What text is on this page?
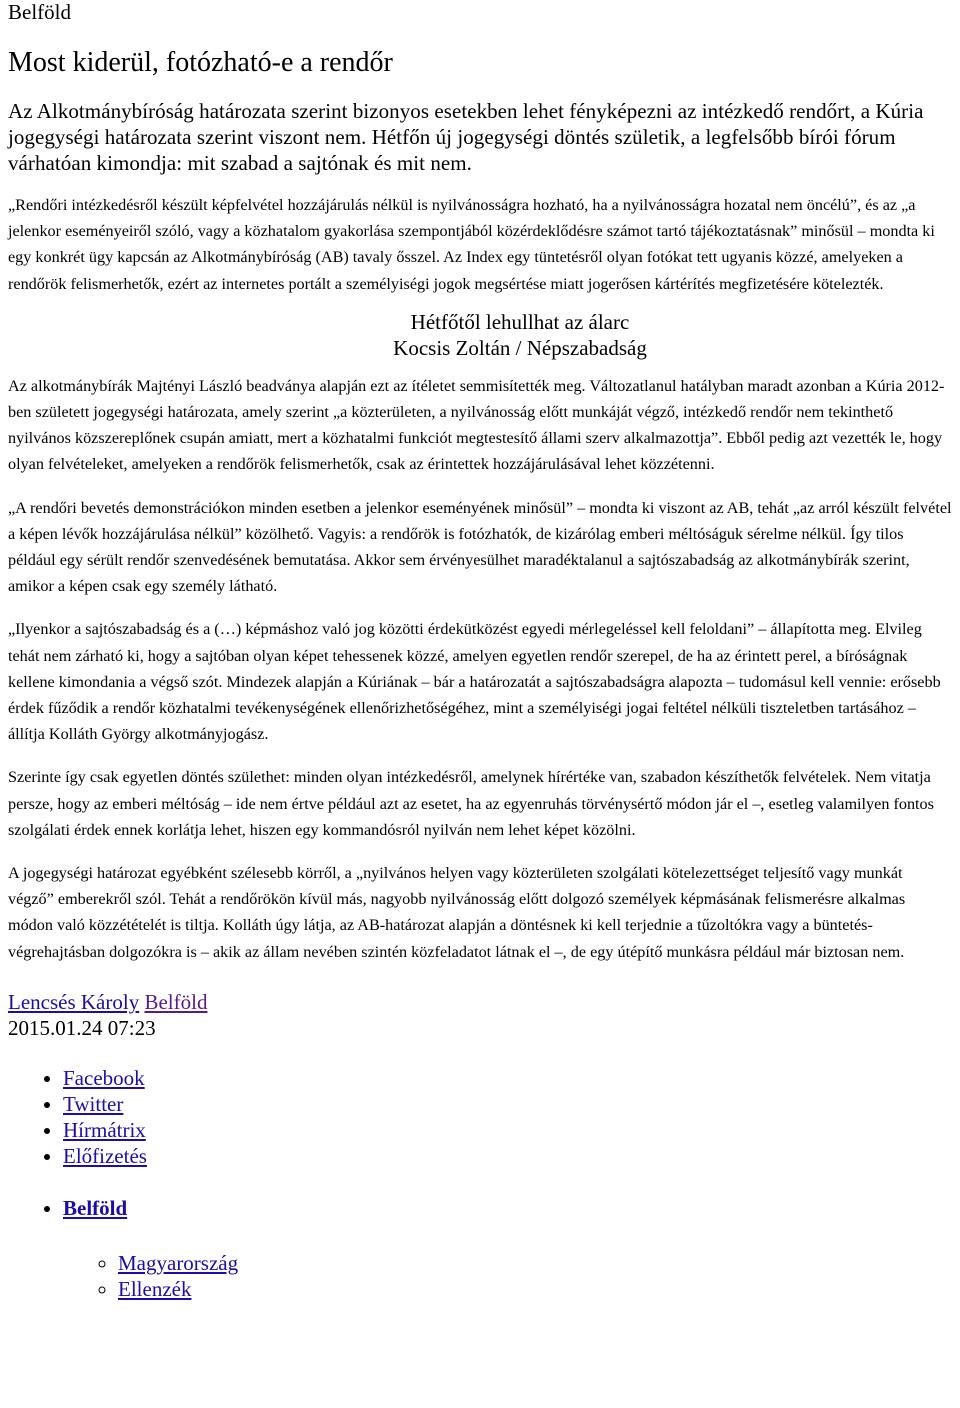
Belföld

Most kiderül, fotózható-e a rendőr

Az Alkotmánybíróság határozata szerint bizonyos esetekben lehet fényképezni az intézkedő rendőrt, a Kúria jogegységi határozata szerint viszont nem. Hétfőn új jogegységi döntés születik, a legfelsőbb bírói fórum várhatóan kimondja: mit szabad a sajtónak és mit nem.

„Rendőri intézkedésről készült képfelvétel hozzájárulás nélkül is nyilvánosságra hozható, ha a nyilvánosságra hozatal nem öncélú”, és az „a jelenkor eseményeiről szóló, vagy a közhatalom gyakorlása szempontjából közérdeklődésre számot tartó tájékoztatásnak” minősül – mondta ki egy konkrét ügy kapcsán az Alkotmánybíróság (AB) tavaly ősszel. Az Index egy tüntetésről olyan fotókat tett ugyanis közzé, amelyeken a rendőrök felismerhetők, ezért az internetes portált a személyiségi jogok megsértése miatt jogerősen kártérítés megfizetésére kötelezték.

Hétfőtől lehullhat az álarc
Kocsis Zoltán / Népszabadság

Az alkotmánybírák Majtényi László beadványa alapján ezt az ítéletet semmisítették meg. Változatlanul hatályban maradt azonban a Kúria 2012-ben született jogegységi határozata, amely szerint „a közterületen, a nyilvánosság előtt munkáját végző, intézkedő rendőr nem tekinthető nyilvános közszereplőnek csupán amiatt, mert a közhatalmi funkciót megtestesítő állami szerv alkalmazottja”. Ebből pedig azt vezették le, hogy olyan felvételeket, amelyeken a rendőrök felismerhetők, csak az érintettek hozzájárulásával lehet közzétenni.

„A rendőri bevetés demonstrációkon minden esetben a jelenkor eseményének minősül” – mondta ki viszont az AB, tehát „az arról készült felvétel a képen lévők hozzájárulása nélkül” közölhető. Vagyis: a rendőrök is fotózhatók, de kizárólag emberi méltóságuk sérelme nélkül. Így tilos például egy sérült rendőr szenvedésének bemutatása. Akkor sem érvényesülhet maradéktalanul a sajtószabadság az alkotmánybírák szerint, amikor a képen csak egy személy látható.

„Ilyenkor a sajtószabadság és a (…) képmáshoz való jog közötti érdekütközést egyedi mérlegeléssel kell feloldani” – állapította meg. Elvileg tehát nem zárható ki, hogy a sajtóban olyan képet tehessenek közzé, amelyen egyetlen rendőr szerepel, de ha az érintett perel, a bíróságnak kellene kimondania a végső szót. Mindezek alapján a Kúriának – bár a határozatát a sajtószabadságra alapozta – tudomásul kell vennie: erősebb érdek fűződik a rendőr közhatalmi tevékenységének ellenőrizhetőségéhez, mint a személyiségi jogai feltétel nélküli tiszteletben tartásához – állítja Kolláth György alkotmányjogász.

Szerinte így csak egyetlen döntés születhet: minden olyan intézkedésről, amelynek hírértéke van, szabadon készíthetők felvételek. Nem vitatja persze, hogy az emberi méltóság – ide nem értve például azt az esetet, ha az egyenruhás törvénysértő módon jár el –, esetleg valamilyen fontos szolgálati érdek ennek korlátja lehet, hiszen egy kommandósról nyilván nem lehet képet közölni.

A jogegységi határozat egyébként szélesebb körről, a „nyilvános helyen vagy közterületen szolgálati kötelezettséget teljesítő vagy munkát végző” emberekről szól. Tehát a rendőrökön kívül más, nagyobb nyilvánosság előtt dolgozó személyek képmásának felismerésre alkalmas módon való közzétételét is tiltja. Kolláth úgy látja, az AB-határozat alapján a döntésnek ki kell terjednie a tűzoltókra vagy a büntetés-végrehajtásban dolgozókra is – akik az állam nevében szintén közfeladatot látnak el –, de egy útépítő munkásra például már biztosan nem.

Lencsés Károly Belföld
2015.01.24 07:23
• Facebook
• Twitter
• Hírmátrix
• Előfizetés
• Belföld
◦ Magyarország
◦ Ellenzék
